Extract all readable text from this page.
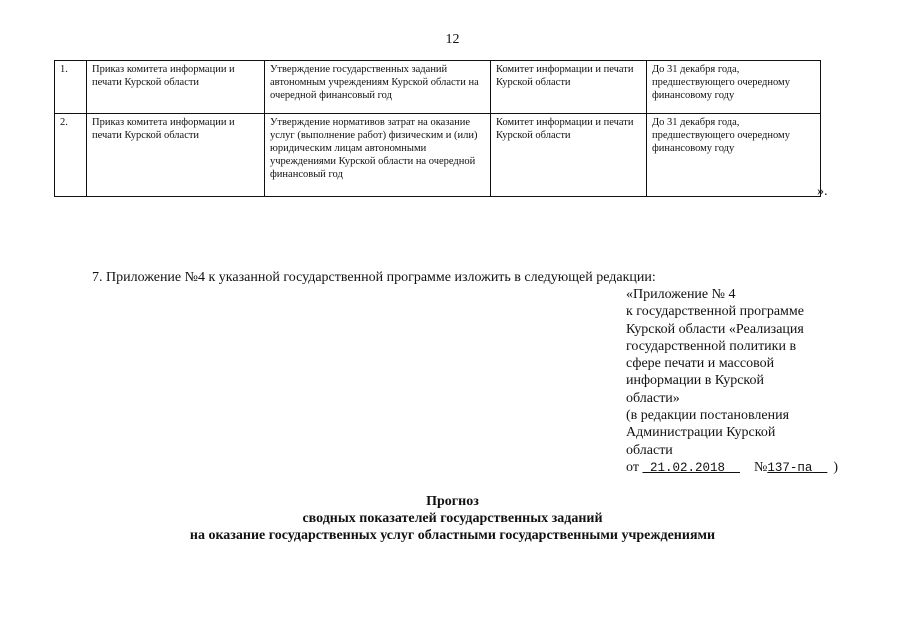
12
1.	Приказ комитета информации и печати Курской области	Утверждение государственных заданий автономным учреждениям Курской области на очередной финансовый год	Комитет информации и печати Курской области	До 31 декабря года, предшествующего очередному финансовому году
2.	Приказ комитета информации и печати Курской области	Утверждение нормативов затрат на оказание услуг (выполнение работ) физическим и (или) юридическим лицам автономными учреждениями Курской области на очередной финансовый год	Комитет информации и печати Курской области	До 31 декабря года, предшествующего очередному финансовому году
».
7. Приложение №4 к указанной государственной программе изложить в следующей редакции:
«Приложение № 4
к государственной программе
Курской области «Реализация
государственной политики в
сфере печати и массовой
информации в Курской
области»
(в редакции постановления
Администрации Курской
области
от 21.02.2018 №137-па )
Прогноз
сводных показателей государственных заданий
на оказание государственных услуг областными государственными учреждениями
